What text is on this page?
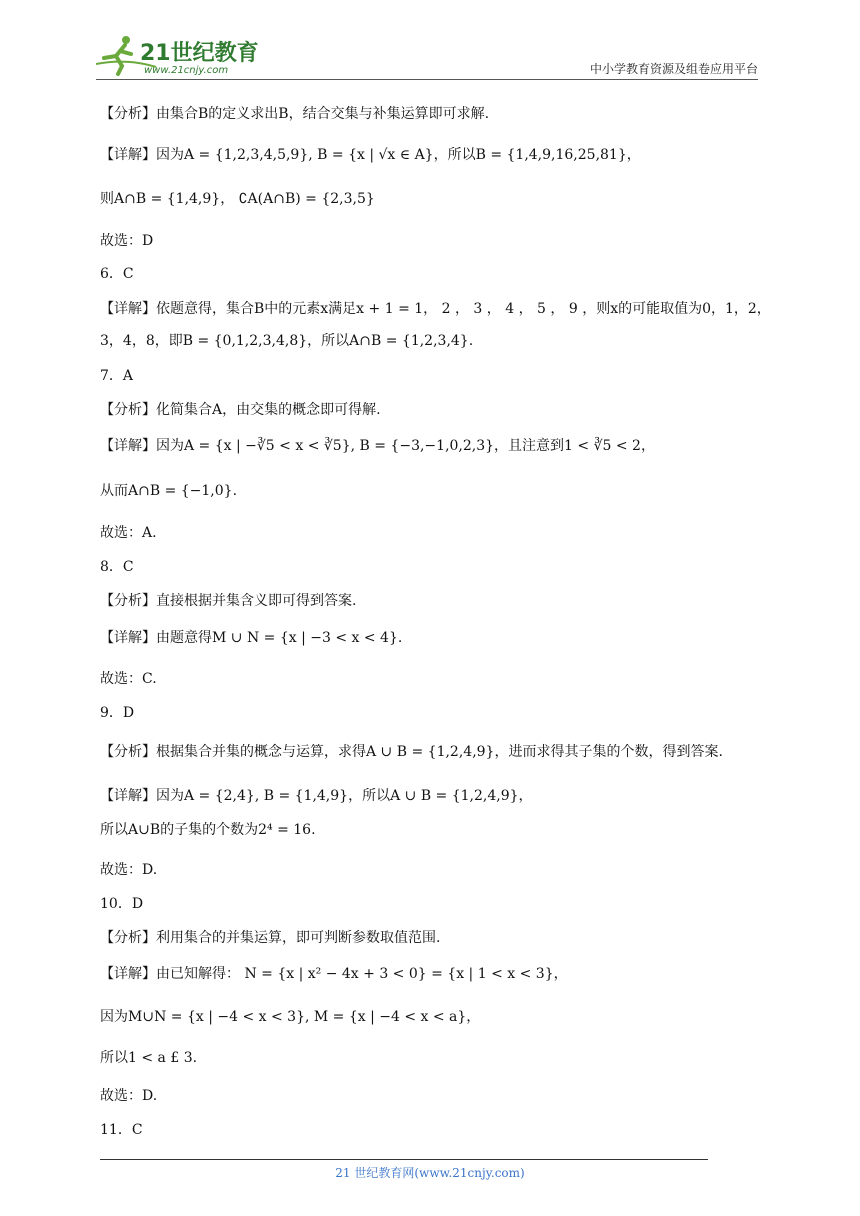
21世纪教育
www.21cnjy.com	中小学教育资源及组卷应用平台
【分析】由集合B的定义求出B，结合交集与补集运算即可求解.
【详解】因为A = {1,2,3,4,5,9}, B = {x | √x ∈ A}，所以B = {1,4,9,16,25,81}，
则A∩B = {1,4,9}， ∁A(A∩B) = {2,3,5}
故选：D
6．C
【详解】依题意得，集合B中的元素x满足x + 1 = 1， 2 ， 3 ， 4 ， 5 ， 9 ，则x的可能取值为0，1，2，
3，4，8，即B = {0,1,2,3,4,8}，所以A∩B = {1,2,3,4}.
7．A
【分析】化简集合A，由交集的概念即可得解.
【详解】因为A = {x | −∛5 < x < ∛5}, B = {−3,−1,0,2,3}，且注意到1 < ∛5 < 2，
从而A∩B = {−1,0}.
故选：A.
8．C
【分析】直接根据并集含义即可得到答案.
【详解】由题意得M ∪ N = {x | −3 < x < 4}.
故选：C.
9．D
【分析】根据集合并集的概念与运算，求得A ∪ B = {1,2,4,9}，进而求得其子集的个数，得到答案.
【详解】因为A = {2,4}, B = {1,4,9}，所以A ∪ B = {1,2,4,9}，
所以A∪B的子集的个数为2⁴ = 16.
故选：D.
10．D
【分析】利用集合的并集运算，即可判断参数取值范围.
【详解】由已知解得： N = {x | x² − 4x + 3 < 0} = {x | 1 < x < 3}，
因为M∪N = {x | −4 < x < 3}, M = {x | −4 < x < a}，
所以1 < a £ 3.
故选：D.
11．C
21 世纪教育网(www.21cnjy.com)
